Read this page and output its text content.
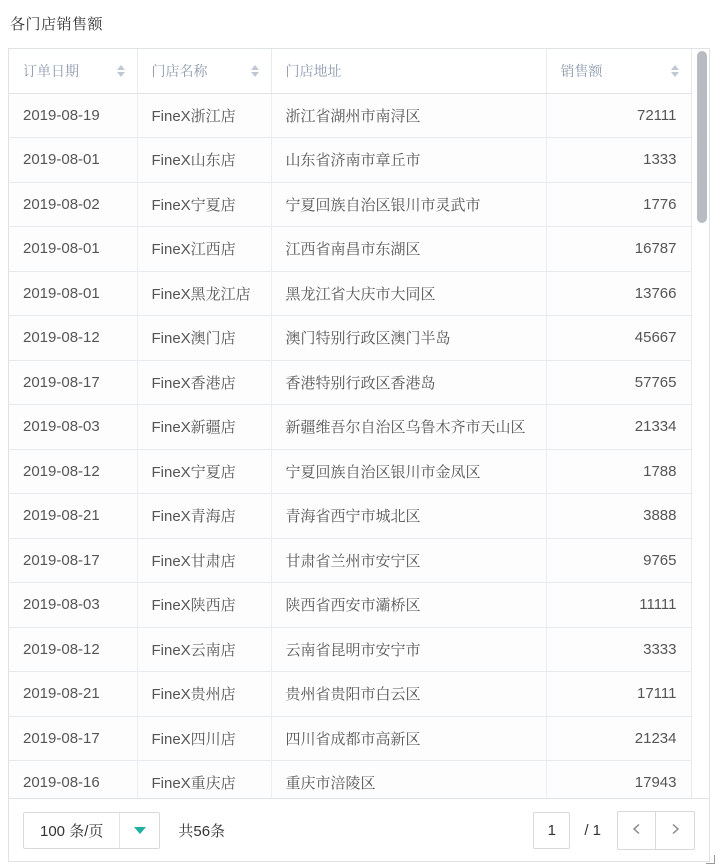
各门店销售额
订单日期	门店名称	门店地址	销售额

2019-08-19	FineX浙江店	浙江省湖州市南浔区	72111
2019-08-01	FineX山东店	山东省济南市章丘市	1333
2019-08-02	FineX宁夏店	宁夏回族自治区银川市灵武市	1776
2019-08-01	FineX江西店	江西省南昌市东湖区	16787
2019-08-01	FineX黑龙江店	黑龙江省大庆市大同区	13766
2019-08-12	FineX澳门店	澳门特别行政区澳门半岛	45667
2019-08-17	FineX香港店	香港特别行政区香港岛	57765
2019-08-03	FineX新疆店	新疆维吾尔自治区乌鲁木齐市天山区	21334
2019-08-12	FineX宁夏店	宁夏回族自治区银川市金凤区	1788
2019-08-21	FineX青海店	青海省西宁市城北区	3888
2019-08-17	FineX甘肃店	甘肃省兰州市安宁区	9765
2019-08-03	FineX陕西店	陕西省西安市灞桥区	11111
2019-08-12	FineX云南店	云南省昆明市安宁市	3333
2019-08-21	FineX贵州店	贵州省贵阳市白云区	17111
2019-08-17	FineX四川店	四川省成都市高新区	21234
2019-08-16	FineX重庆店	重庆市涪陵区	17943
100 条/页	共56条
1	/ 1
